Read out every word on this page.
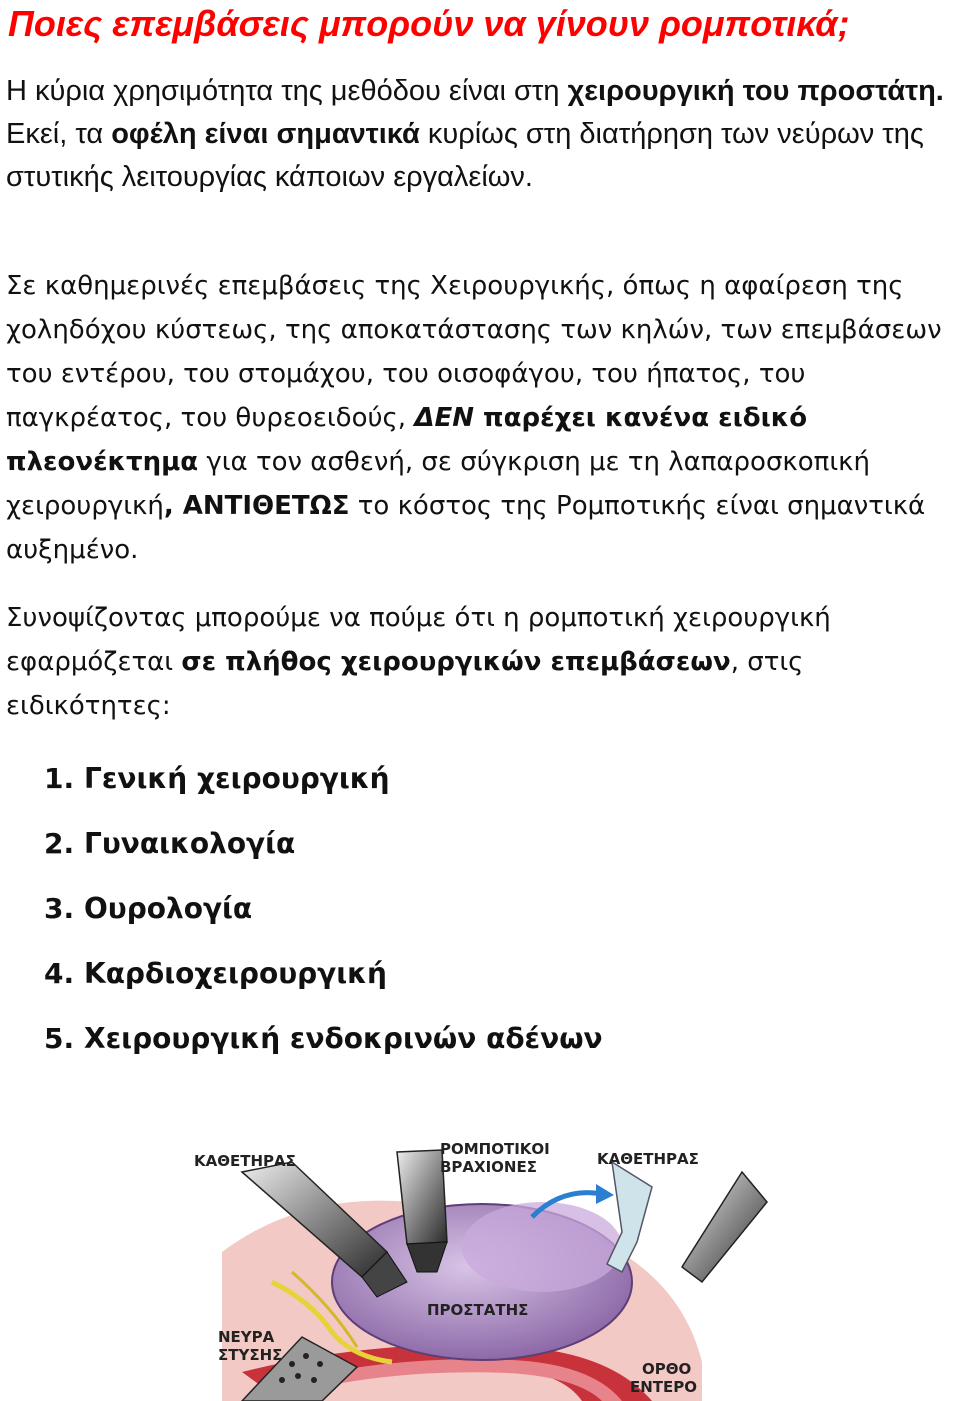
Ποιες επεμβάσεις μπορούν να γίνουν ρομποτικά;

Η κύρια χρησιμότητα της μεθόδου είναι στη χειρουργική του προστάτη. Εκεί, τα οφέλη είναι σημαντικά κυρίως στη διατήρηση των νεύρων της στυτικής λειτουργίας κάποιων εργαλείων.

Σε καθημερινές επεμβάσεις της Χειρουργικής, όπως η αφαίρεση της χοληδόχου κύστεως, της αποκατάστασης των κηλών, των επεμβάσεων του εντέρου, του στομάχου, του οισοφάγου, του ήπατος, του παγκρέατος, του θυρεοειδούς, ΔΕΝ παρέχει κανένα ειδικό πλεονέκτημα για τον ασθενή, σε σύγκριση με τη λαπαροσκοπική χειρουργική, ΑΝΤΙΘΕΤΩΣ το κόστος της Ρομποτικής είναι σημαντικά αυξημένο.

Συνοψίζοντας μπορούμε να πούμε ότι η ρομποτική χειρουργική εφαρμόζεται σε πλήθος χειρουργικών επεμβάσεων, στις ειδικότητες:

1. Γενική χειρουργική
2. Γυναικολογία
3. Ουρολογία
4. Καρδιοχειρουργική
5. Χειρουργική ενδοκρινών αδένων
ΚΑΘΕΤΗΡΑΣ
ΡΟΜΠΟΤΙΚΟΙ
ΒΡΑΧΙΟΝΕΣ	ΚΑΘΕΤΗΡΑΣ
ΠΡΟΣΤΑΤΗΣ
ΝΕΥΡΑ
ΣΤΥΣΗΣ
ΟΡΘΟ
ΕΝΤΕΡΟ
